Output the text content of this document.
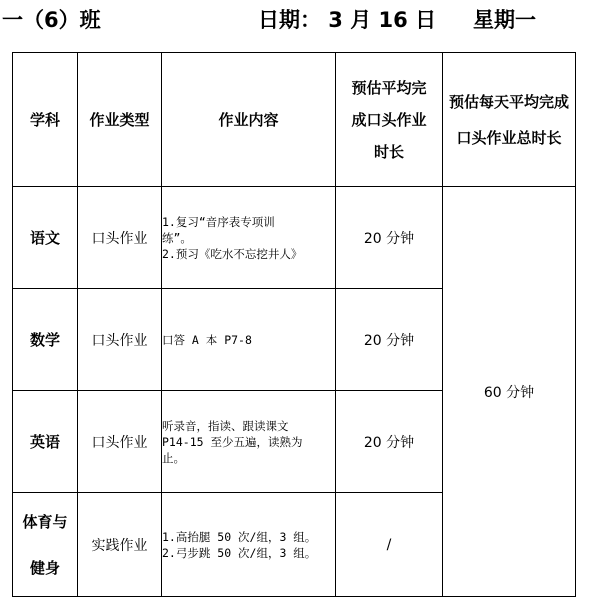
一（6）班	日期： 3 月 16 日 星期一
学科	作业类型	作业内容	预估平均完
成口头作业
时长	预估每天平均完成
口头作业总时长

语文	口头作业	1.复习“音序表专项训
练”。
2.预习《吃水不忘挖井人》	20 分钟	60 分钟
数学	口头作业	口答 A 本 P7-8	20 分钟	
英语	口头作业	听录音，指读、跟读课文
P14-15 至少五遍，读熟为
止。	20 分钟	

体育与
健身	实践作业	1.高抬腿 50 次/组，3 组。
2.弓步跳 50 次/组，3 组。	/	
